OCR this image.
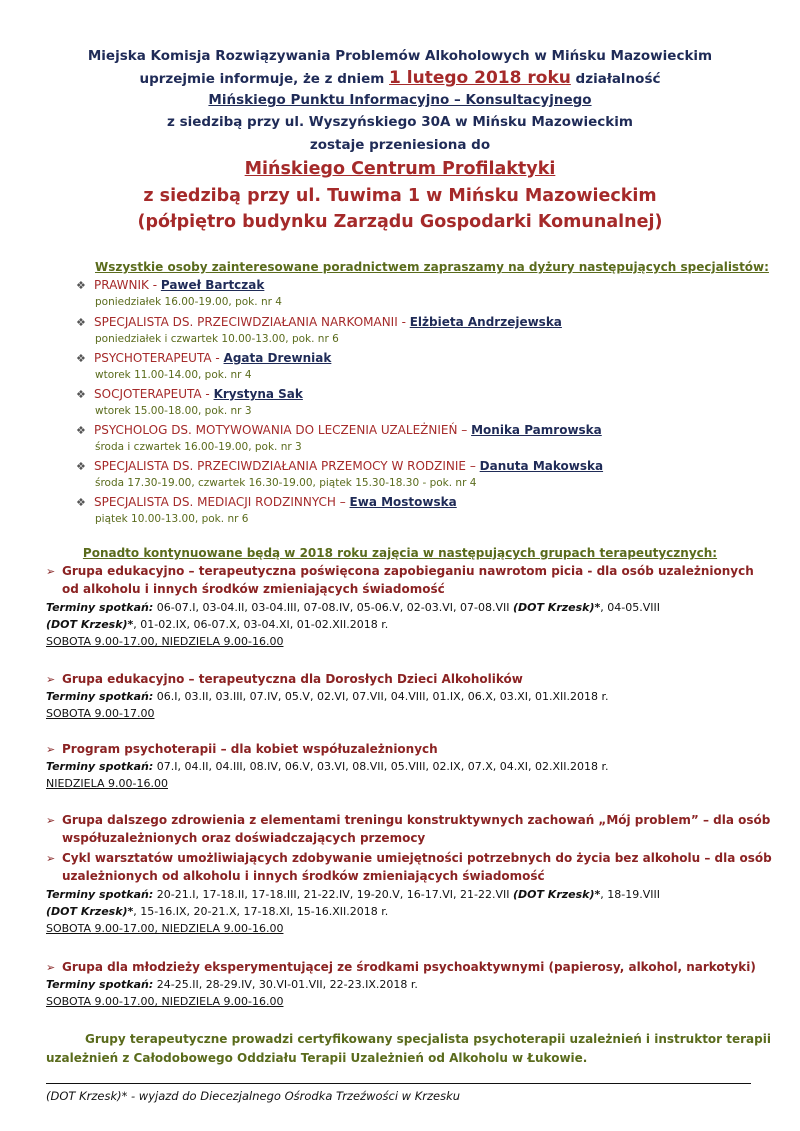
Miejska Komisja Rozwiązywania Problemów Alkoholowych w Mińsku Mazowieckim
uprzejmie informuje, że z dniem 1 lutego 2018 roku działalność
Mińskiego Punktu Informacyjno – Konsultacyjnego
z siedzibą przy ul. Wyszyńskiego 30A w Mińsku Mazowieckim
zostaje przeniesiona do
Mińskiego Centrum Profilaktyki
z siedzibą przy ul. Tuwima 1 w Mińsku Mazowieckim
(półpiętro budynku Zarządu Gospodarki Komunalnej)
Wszystkie osoby zainteresowane poradnictwem zapraszamy na dyżury następujących specjalistów:
❖ PRAWNIK - Paweł Bartczak
poniedziałek 16.00-19.00, pok. nr 4
❖ SPECJALISTA DS. PRZECIWDZIAŁANIA NARKOMANII - Elżbieta Andrzejewska
poniedziałek i czwartek 10.00-13.00, pok. nr 6
❖ PSYCHOTERAPEUTA - Agata Drewniak
wtorek 11.00-14.00, pok. nr 4
❖ SOCJOTERAPEUTA - Krystyna Sak
wtorek 15.00-18.00, pok. nr 3
❖ PSYCHOLOG DS. MOTYWOWANIA DO LECZENIA UZALEŻNIEŃ – Monika Pamrowska
środa i czwartek 16.00-19.00, pok. nr 3
❖ SPECJALISTA DS. PRZECIWDZIAŁANIA PRZEMOCY W RODZINIE – Danuta Makowska
środa 17.30-19.00, czwartek 16.30-19.00, piątek 15.30-18.30 - pok. nr 4
❖ SPECJALISTA DS. MEDIACJI RODZINNYCH – Ewa Mostowska
piątek 10.00-13.00, pok. nr 6
Ponadto kontynuowane będą w 2018 roku zajęcia w następujących grupach terapeutycznych:
➢ Grupa edukacyjno – terapeutyczna poświęcona zapobieganiu nawrotom picia - dla osób uzależnionych
od alkoholu i innych środków zmieniających świadomość
Terminy spotkań: 06-07.I, 03-04.II, 03-04.III, 07-08.IV, 05-06.V, 02-03.VI, 07-08.VII (DOT Krzesk)*, 04-05.VIII
(DOT Krzesk)*, 01-02.IX, 06-07.X, 03-04.XI, 01-02.XII.2018 r.
SOBOTA 9.00-17.00, NIEDZIELA 9.00-16.00
➢ Grupa edukacyjno – terapeutyczna dla Dorosłych Dzieci Alkoholików
Terminy spotkań: 06.I, 03.II, 03.III, 07.IV, 05.V, 02.VI, 07.VII, 04.VIII, 01.IX, 06.X, 03.XI, 01.XII.2018 r.
SOBOTA 9.00-17.00
➢ Program psychoterapii – dla kobiet współuzależnionych
Terminy spotkań: 07.I, 04.II, 04.III, 08.IV, 06.V, 03.VI, 08.VII, 05.VIII, 02.IX, 07.X, 04.XI, 02.XII.2018 r.
NIEDZIELA 9.00-16.00
➢ Grupa dalszego zdrowienia z elementami treningu konstruktywnych zachowań „Mój problem” – dla osób
współuzależnionych oraz doświadczających przemocy
➢ Cykl warsztatów umożliwiających zdobywanie umiejętności potrzebnych do życia bez alkoholu – dla osób
uzależnionych od alkoholu i innych środków zmieniających świadomość
Terminy spotkań: 20-21.I, 17-18.II, 17-18.III, 21-22.IV, 19-20.V, 16-17.VI, 21-22.VII (DOT Krzesk)*, 18-19.VIII
(DOT Krzesk)*, 15-16.IX, 20-21.X, 17-18.XI, 15-16.XII.2018 r.
SOBOTA 9.00-17.00, NIEDZIELA 9.00-16.00
➢ Grupa dla młodzieży eksperymentującej ze środkami psychoaktywnymi (papierosy, alkohol, narkotyki)
Terminy spotkań: 24-25.II, 28-29.IV, 30.VI-01.VII, 22-23.IX.2018 r.
SOBOTA 9.00-17.00, NIEDZIELA 9.00-16.00
Grupy terapeutyczne prowadzi certyfikowany specjalista psychoterapii uzależnień i instruktor terapii
uzależnień z Całodobowego Oddziału Terapii Uzależnień od Alkoholu w Łukowie.
(DOT Krzesk)* - wyjazd do Diecezjalnego Ośrodka Trzeźwości w Krzesku
